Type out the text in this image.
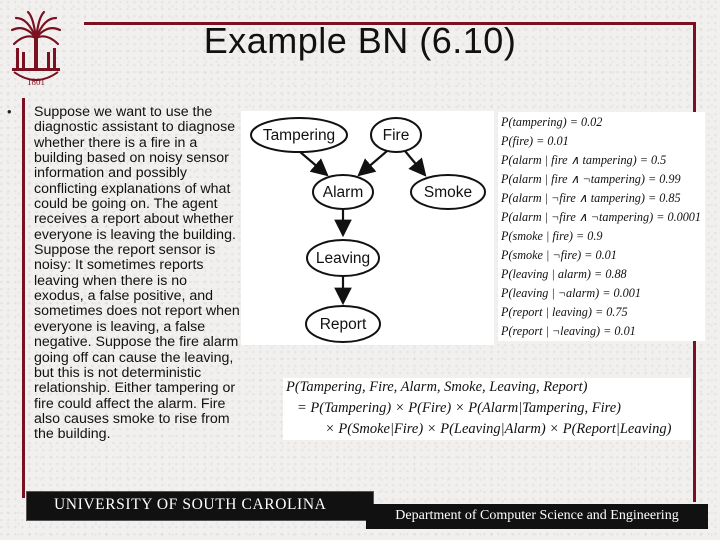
1801
Example BN (6.10)
• Suppose we want to use the diagnostic assistant to diagnose whether there is a fire in a building based on noisy sensor information and possibly conflicting explanations of what could be going on. The agent receives a report about whether everyone is leaving the building. Suppose the report sensor is noisy: It sometimes reports leaving when there is no exodus, a false positive, and sometimes does not report when everyone is leaving, a false negative. Suppose the fire alarm going off can cause the leaving, but this is not deterministic relationship. Either tampering or fire could affect the alarm. Fire also causes smoke to rise from the building.
Tampering	Fire
Alarm	Smoke
Leaving
Report
P(tampering) = 0.02
P(fire) = 0.01
P(alarm | fire ∧ tampering) = 0.5
P(alarm | fire ∧ ¬tampering) = 0.99
P(alarm | ¬fire ∧ tampering) = 0.85
P(alarm | ¬fire ∧ ¬tampering) = 0.0001
P(smoke | fire) = 0.9
P(smoke | ¬fire) = 0.01
P(leaving | alarm) = 0.88
P(leaving | ¬alarm) = 0.001
P(report | leaving) = 0.75
P(report | ¬leaving) = 0.01
P(Tampering, Fire, Alarm, Smoke, Leaving, Report)
= P(Tampering) × P(Fire) × P(Alarm|Tampering, Fire)
× P(Smoke|Fire) × P(Leaving|Alarm) × P(Report|Leaving)
UNIVERSITY OF SOUTH CAROLINA
Department of Computer Science and Engineering
